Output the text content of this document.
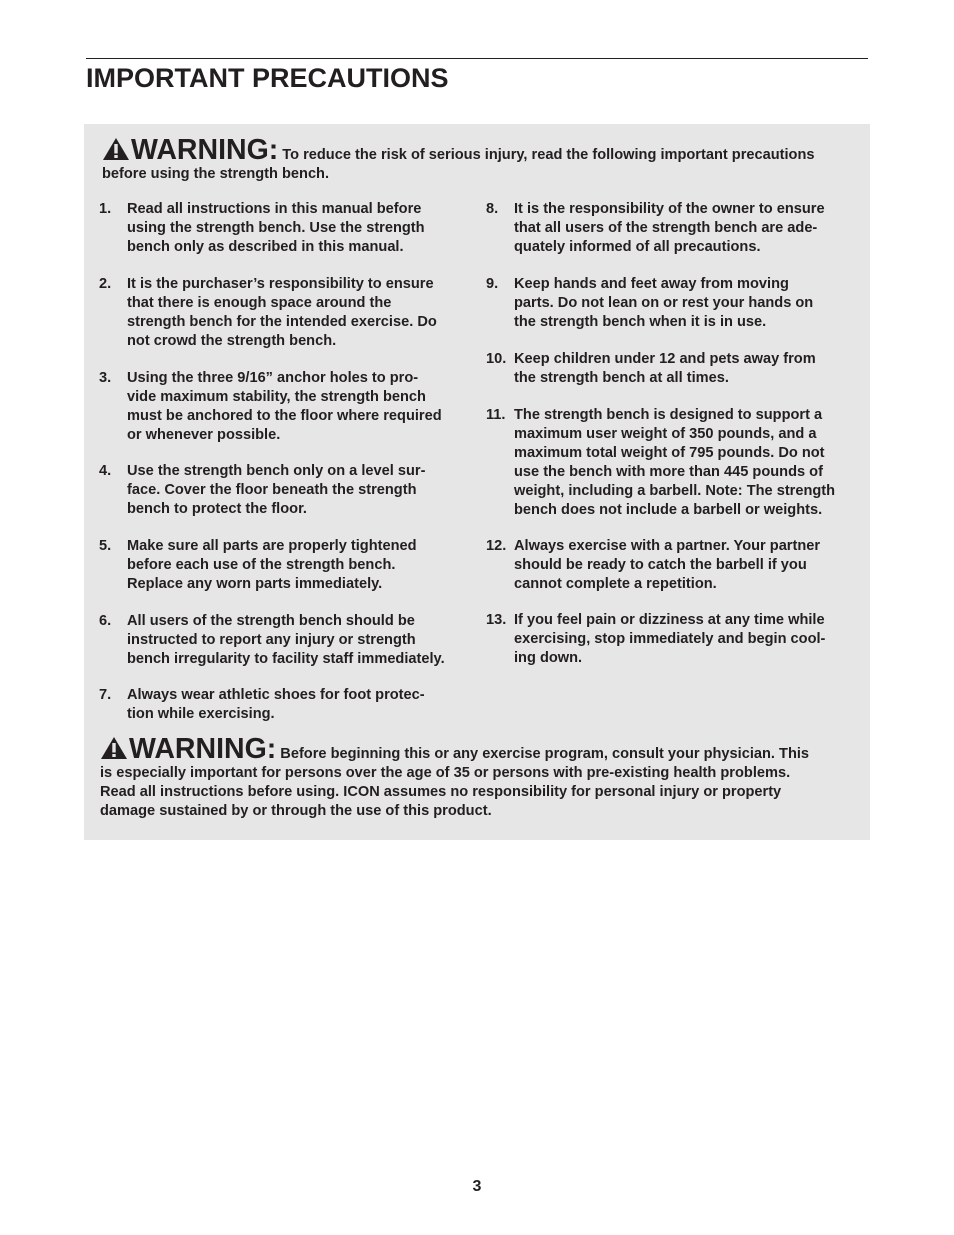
IMPORTANT PRECAUTIONS
WARNING: To reduce the risk of serious injury, read the following important precautions
before using the strength bench.
1. Read all instructions in this manual before
using the strength bench. Use the strength
bench only as described in this manual.
2. It is the purchaser’s responsibility to ensure
that there is enough space around the
strength bench for the intended exercise. Do
not crowd the strength bench.
3. Using the three 9/16” anchor holes to pro-
vide maximum stability, the strength bench
must be anchored to the floor where required
or whenever possible.
4. Use the strength bench only on a level sur-
face. Cover the floor beneath the strength
bench to protect the floor.
5. Make sure all parts are properly tightened
before each use of the strength bench.
Replace any worn parts immediately.
6. All users of the strength bench should be
instructed to report any injury or strength
bench irregularity to facility staff immediately.
7. Always wear athletic shoes for foot protec-
tion while exercising.
8. It is the responsibility of the owner to ensure
that all users of the strength bench are ade-
quately informed of all precautions.
9. Keep hands and feet away from moving
parts. Do not lean on or rest your hands on
the strength bench when it is in use.
10. Keep children under 12 and pets away from
the strength bench at all times.
11. The strength bench is designed to support a
maximum user weight of 350 pounds, and a
maximum total weight of 795 pounds. Do not
use the bench with more than 445 pounds of
weight, including a barbell. Note: The strength
bench does not include a barbell or weights.
12. Always exercise with a partner. Your partner
should be ready to catch the barbell if you
cannot complete a repetition.
13. If you feel pain or dizziness at any time while
exercising, stop immediately and begin cool-
ing down.
WARNING: Before beginning this or any exercise program, consult your physician. This
is especially important for persons over the age of 35 or persons with pre-existing health problems.
Read all instructions before using. ICON assumes no responsibility for personal injury or property
damage sustained by or through the use of this product.
3
